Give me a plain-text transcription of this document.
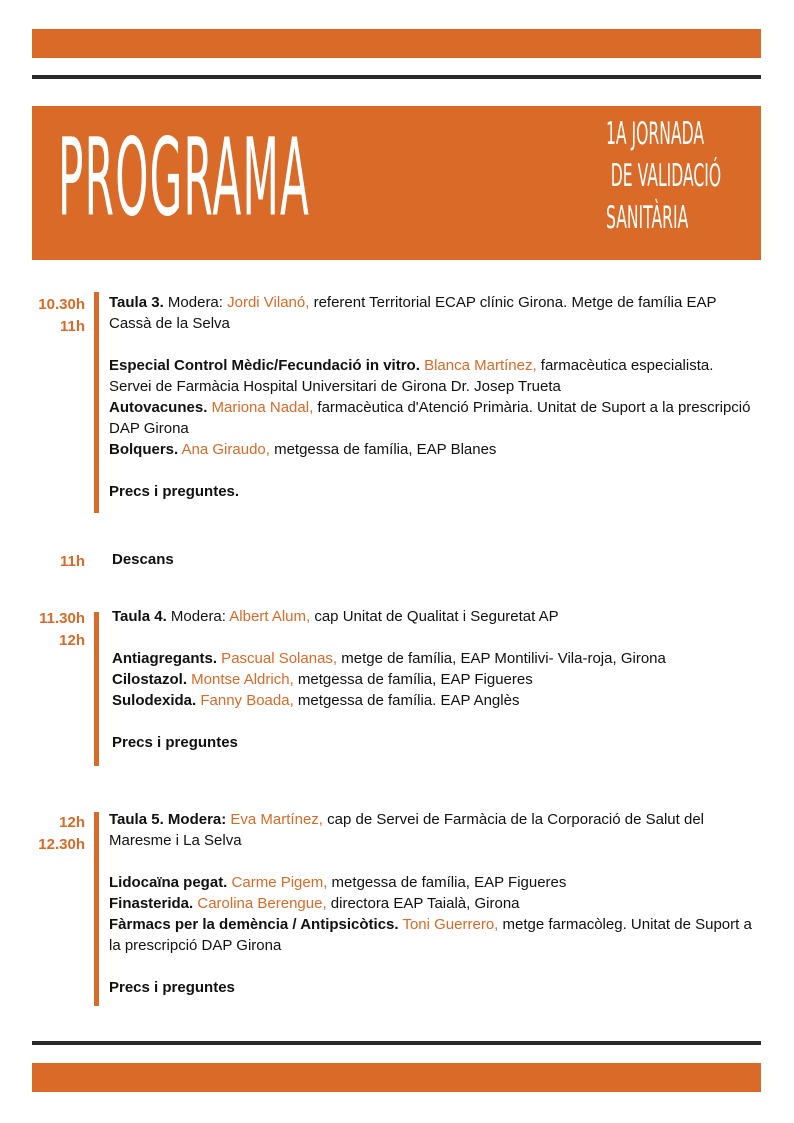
PROGRAMA	1A JORNADA
DE VALIDACIÓ
SANITÀRIA
10.30h
11h

Taula 3. Modera: Jordi Vilanó, referent Territorial ECAP clínic Girona. Metge de família EAP Cassà de la Selva

Especial Control Mèdic/Fecundació in vitro. Blanca Martínez, farmacèutica especialista. Servei de Farmàcia Hospital Universitari de Girona Dr. Josep Trueta

Autovacunes. Mariona Nadal, farmacèutica d'Atenció Primària. Unitat de Suport a la prescripció DAP Girona

Bolquers. Ana Giraudo, metgessa de família, EAP Blanes

Precs i preguntes.

11h Descans
11.30h
12h

Taula 4. Modera: Albert Alum, cap Unitat de Qualitat i Seguretat AP

Antiagregants. Pascual Solanas, metge de família, EAP Montilivi- Vila-roja, Girona

Cilostazol. Montse Aldrich, metgessa de família, EAP Figueres

Sulodexida. Fanny Boada, metgessa de família. EAP Anglès

Precs i preguntes

12h
12.30h

Taula 5. Modera: Eva Martínez, cap de Servei de Farmàcia de la Corporació de Salut del Maresme i La Selva

Lidocaïna pegat. Carme Pigem, metgessa de família, EAP Figueres

Finasterida. Carolina Berengue, directora EAP Taialà, Girona

Fàrmacs per la demència / Antipsicòtics. Toni Guerrero, metge farmacòleg. Unitat de Suport a la prescripció DAP Girona

Precs i preguntes
